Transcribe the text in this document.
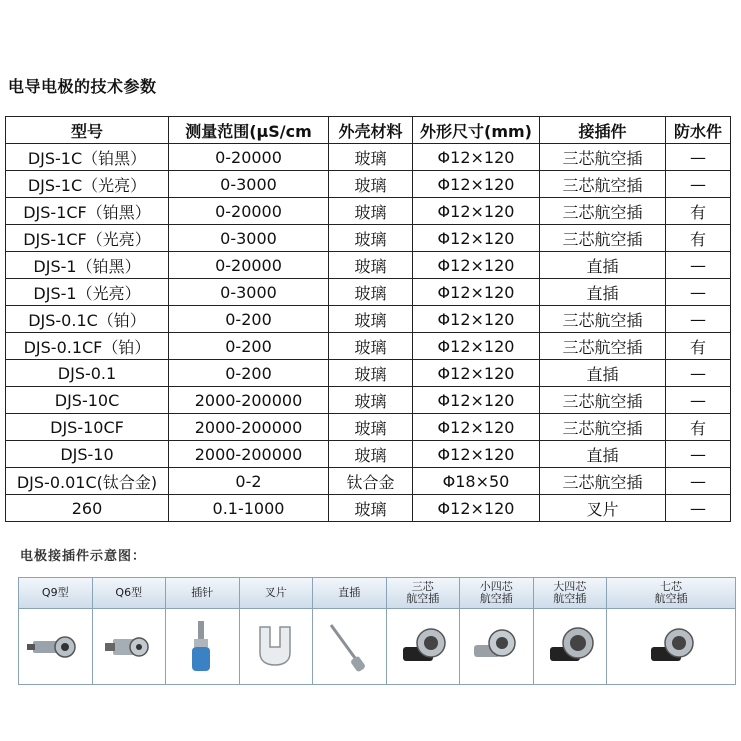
电导电极的技术参数
型号	测量范围(μS/cm	外壳材料	外形尺寸(mm)	接插件	防水件
DJS-1C（铂黑）	0-20000	玻璃	Φ12×120	三芯航空插	—
DJS-1C（光亮）	0-3000	玻璃	Φ12×120	三芯航空插	—
DJS-1CF（铂黑）	0-20000	玻璃	Φ12×120	三芯航空插	有
DJS-1CF（光亮）	0-3000	玻璃	Φ12×120	三芯航空插	有
DJS-1（铂黑）	0-20000	玻璃	Φ12×120	直插	—
DJS-1（光亮）	0-3000	玻璃	Φ12×120	直插	—
DJS-0.1C（铂）	0-200	玻璃	Φ12×120	三芯航空插	—
DJS-0.1CF（铂）	0-200	玻璃	Φ12×120	三芯航空插	有
DJS-0.1	0-200	玻璃	Φ12×120	直插	—
DJS-10C	2000-200000	玻璃	Φ12×120	三芯航空插	—
DJS-10CF	2000-200000	玻璃	Φ12×120	三芯航空插	有
DJS-10	2000-200000	玻璃	Φ12×120	直插	—
DJS-0.01C(钛合金)	0-2	钛合金	Φ18×50	三芯航空插	—
260	0.1-1000	玻璃	Φ12×120	叉片	—
电极接插件示意图：
Q9型	Q6型	插针	叉片	直插	三芯
航空插
小四芯
航空插
大四芯
航空插
七芯
航空插
